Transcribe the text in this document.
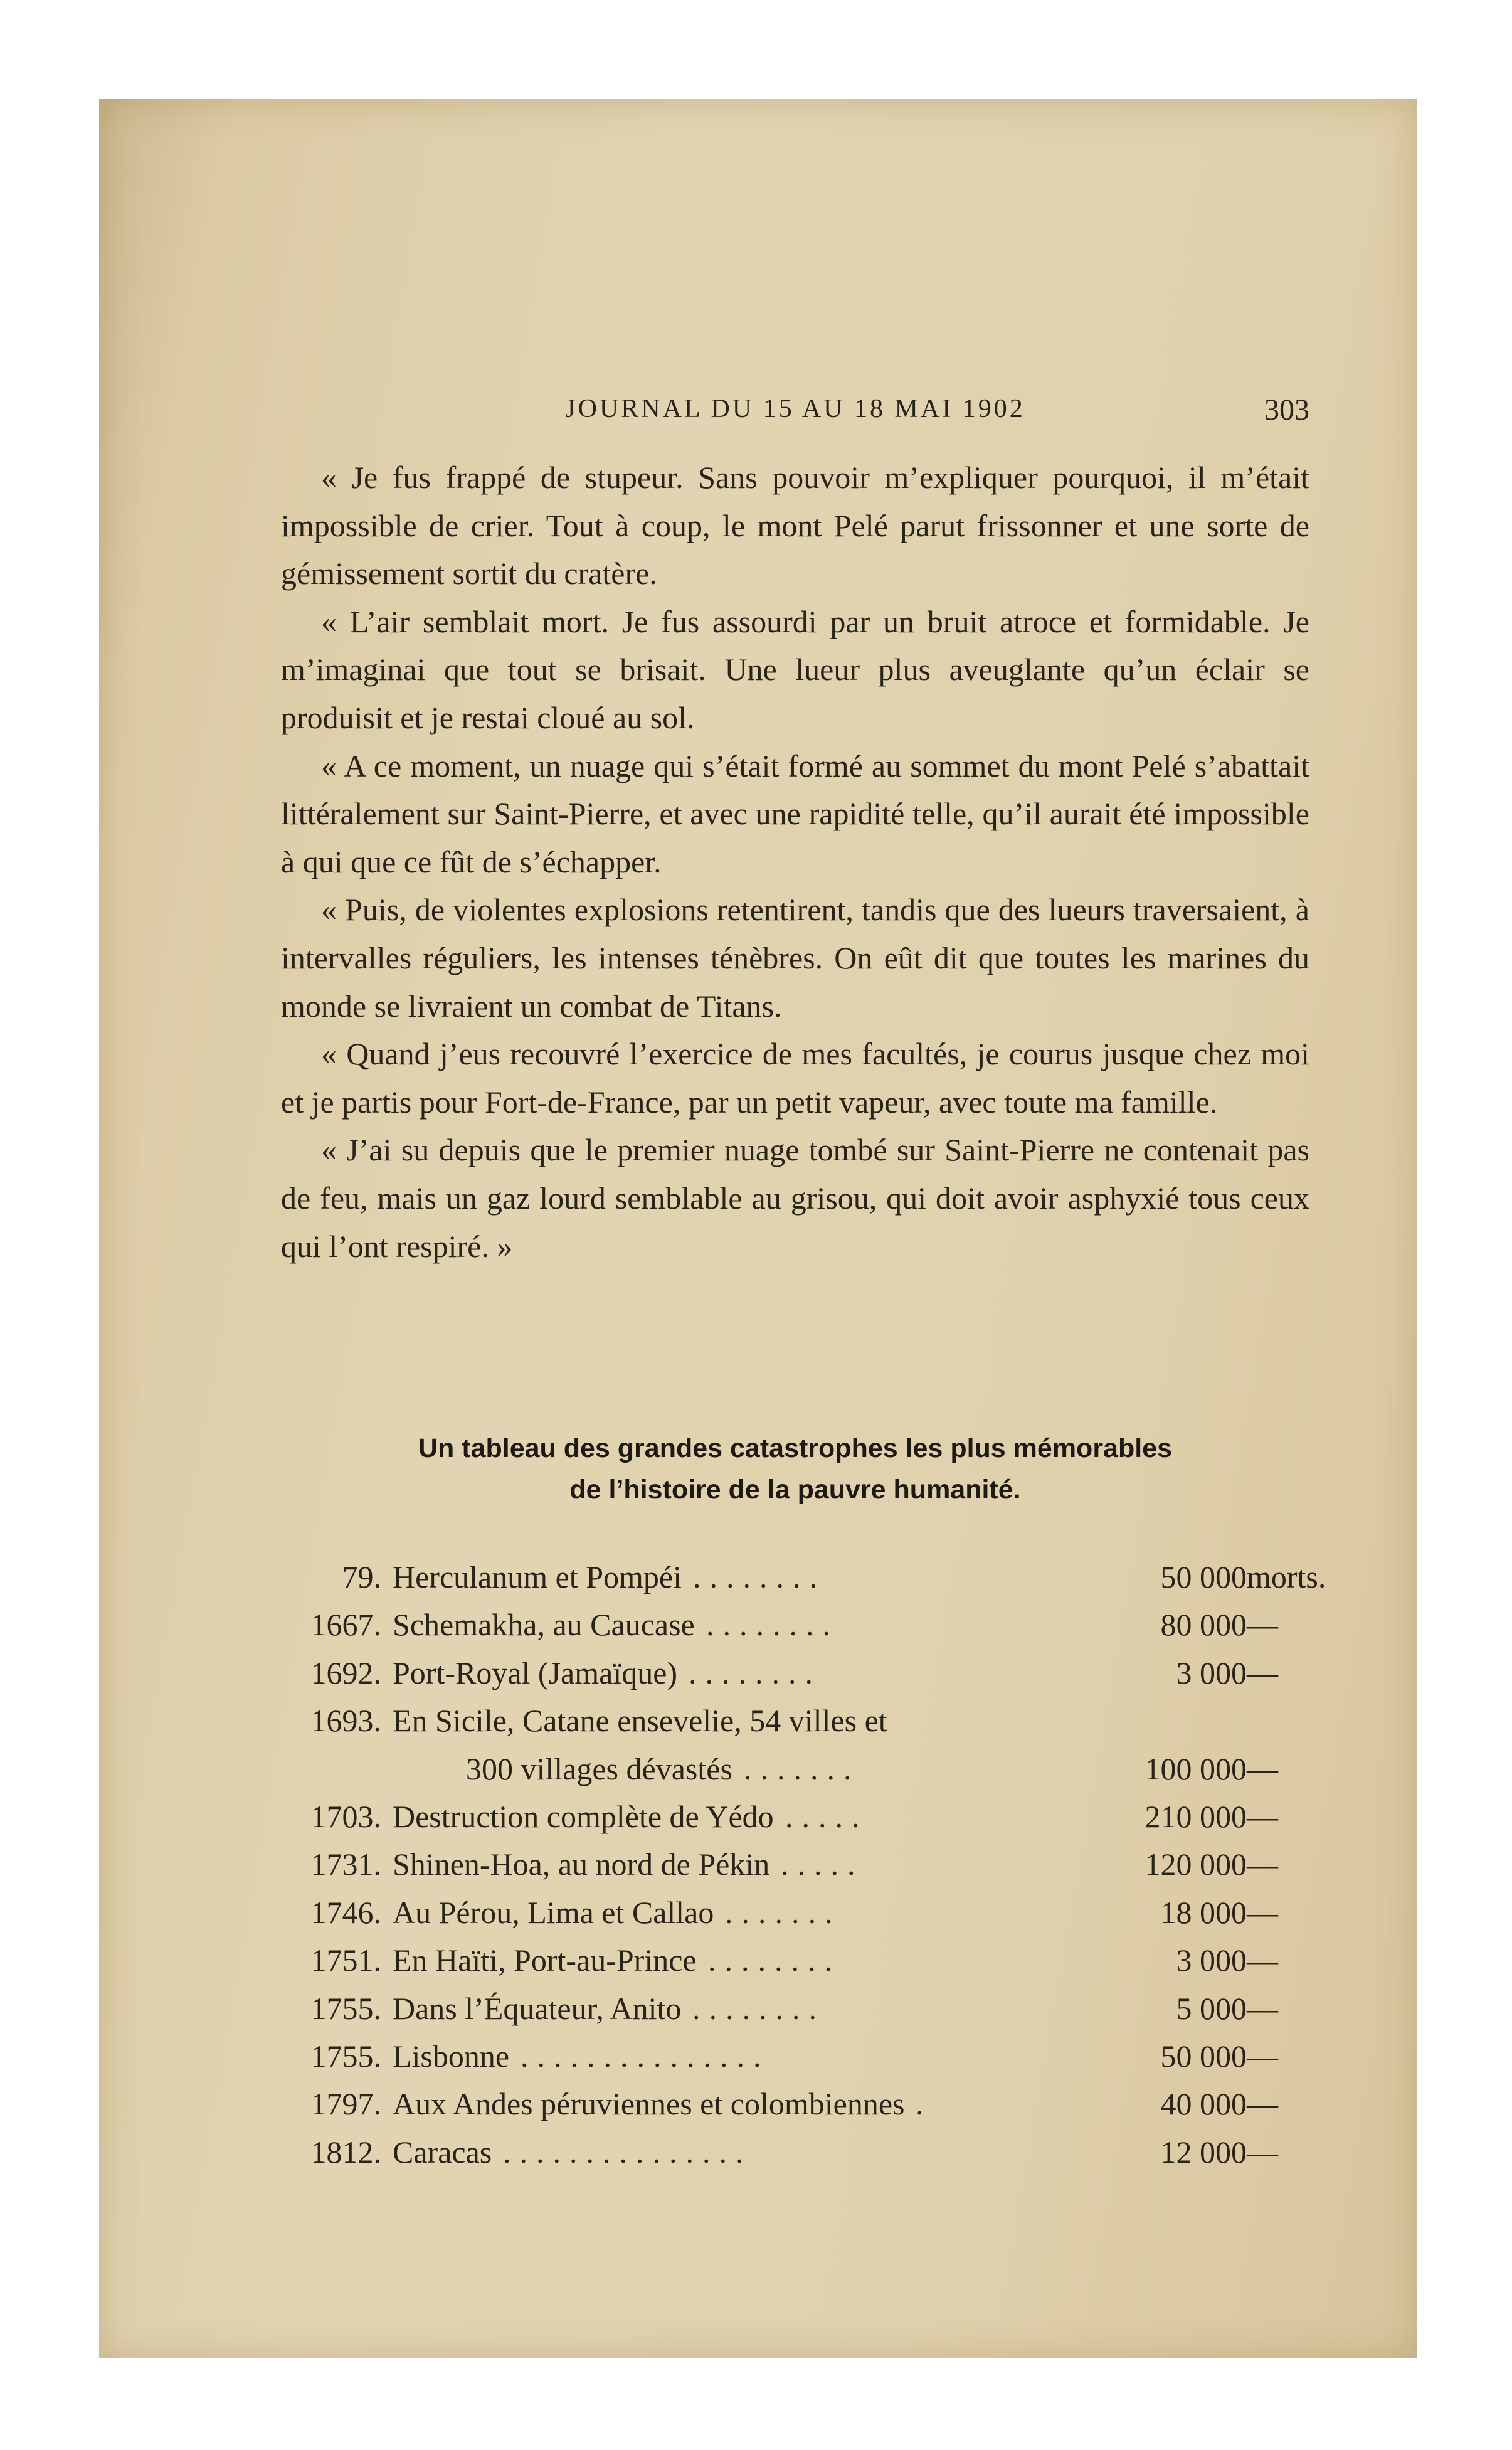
JOURNAL DU 15 AU 18 MAI 1902	303

« Je fus frappé de stupeur. Sans pouvoir m’expliquer pourquoi, il m’était impossible de crier. Tout à coup, le mont Pelé parut frissonner et une sorte de gémissement sortit du cratère.

« L’air semblait mort. Je fus assourdi par un bruit atroce et formidable. Je m’imaginai que tout se brisait. Une lueur plus aveuglante qu’un éclair se produisit et je restai cloué au sol.

« A ce moment, un nuage qui s’était formé au sommet du mont Pelé s’abattait littéralement sur Saint-Pierre, et avec une rapidité telle, qu’il aurait été impossible à qui que ce fût de s’échapper.

« Puis, de violentes explosions retentirent, tandis que des lueurs traversaient, à intervalles réguliers, les intenses ténèbres. On eût dit que toutes les marines du monde se livraient un combat de Titans.

« Quand j’eus recouvré l’exercice de mes facultés, je courus jusque chez moi et je partis pour Fort-de-France, par un petit vapeur, avec toute ma famille.

« J’ai su depuis que le premier nuage tombé sur Saint-Pierre ne contenait pas de feu, mais un gaz lourd semblable au grisou, qui doit avoir asphyxié tous ceux qui l’ont respiré. »

Un tableau des grandes catastrophes les plus mémorables
de l’histoire de la pauvre humanité.
79. Herculanum et Pompéi ........	50 000 morts.
1667. Schemakha, au Caucase ........	80 000 —
1692. Port-Royal (Jamaïque) ........	3 000 —
1693. En Sicile, Catane ensevelie, 54 villes et
300 villages dévastés .......	100 000 —
1703. Destruction complète de Yédo .....	210 000 —
1731. Shinen-Hoa, au nord de Pékin .....	120 000 —
1746. Au Pérou, Lima et Callao .......	18 000 —
1751. En Haïti, Port-au-Prince ........	3 000 —
1755. Dans l’Équateur, Anito ........	5 000 —
1755. Lisbonne ...............	50 000 —
1797. Aux Andes péruviennes et colombiennes .	40 000 —
1812. Caracas ...............	12 000 —
